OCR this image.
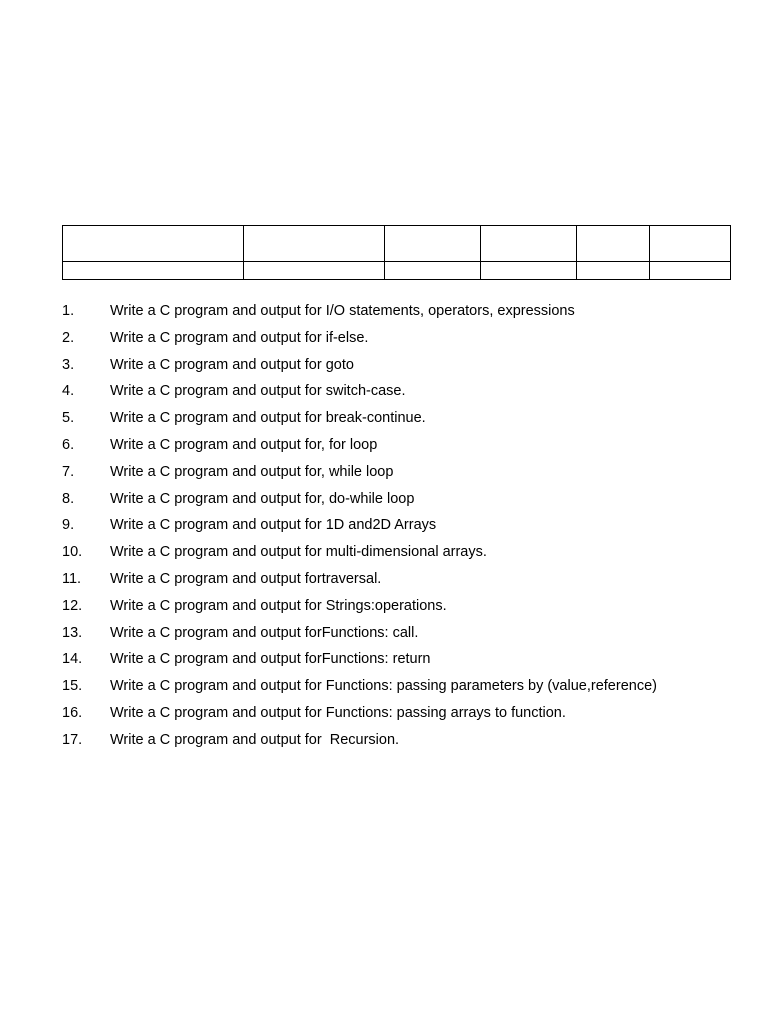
1.	Write a C program and output for I/O statements, operators, expressions
2.	Write a C program and output for if-else.
3.	Write a C program and output for goto
4.	Write a C program and output for switch-case.
5.	Write a C program and output for break-continue.
6.	Write a C program and output for, for loop
7.	Write a C program and output for, while loop
8.	Write a C program and output for, do-while loop
9.	Write a C program and output for 1D and2D Arrays
10.	Write a C program and output for multi-dimensional arrays.
11.	Write a C program and output fortraversal.
12.	Write a C program and output for Strings:operations.
13.	Write a C program and output forFunctions: call.
14.	Write a C program and output forFunctions: return
15.	Write a C program and output for Functions: passing parameters by (value,reference)
16.	Write a C program and output for Functions: passing arrays to function.
17.	Write a C program and output for  Recursion.
